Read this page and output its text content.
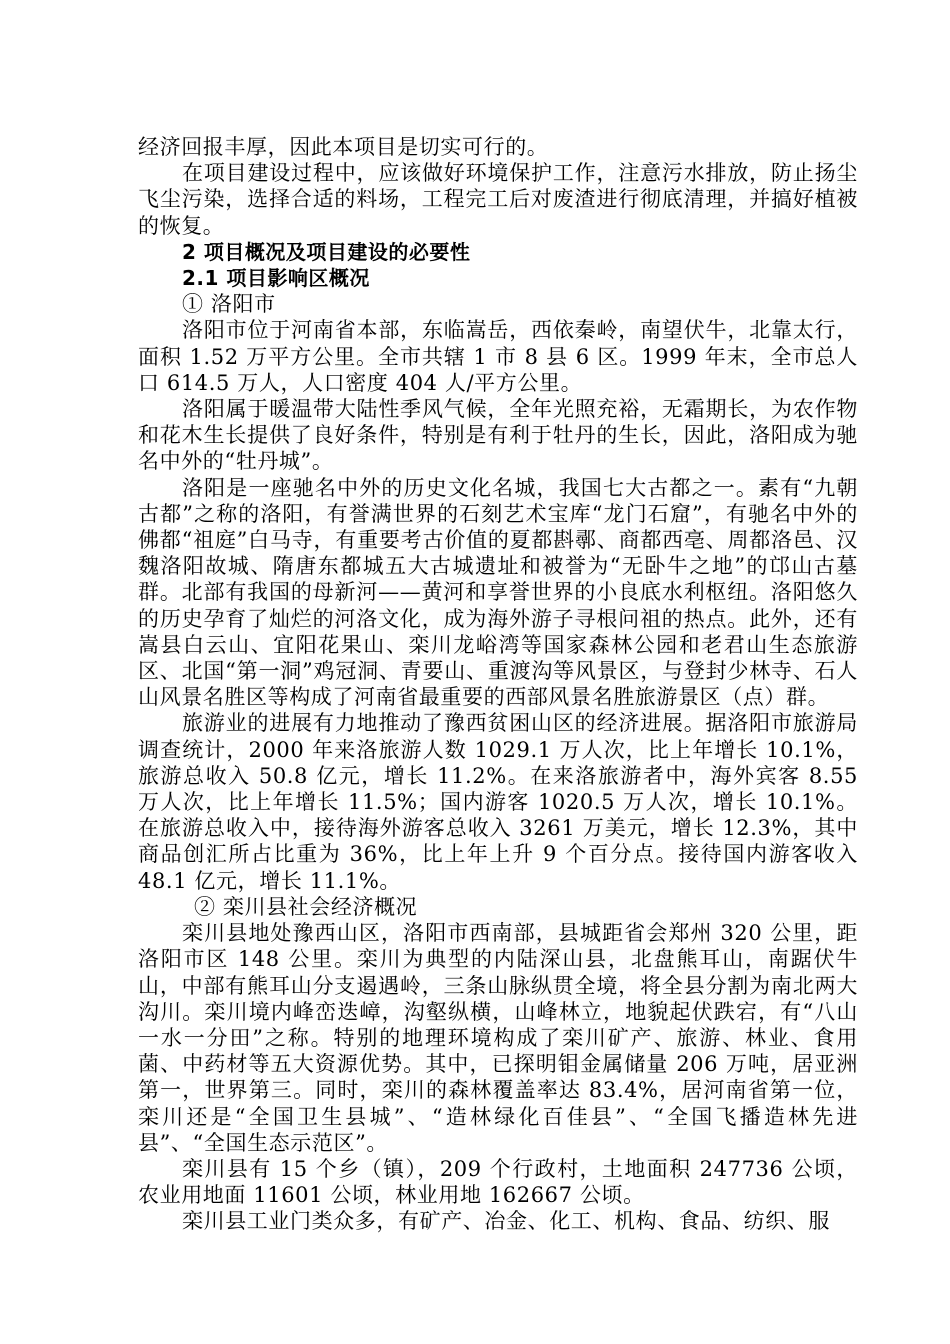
经济回报丰厚，因此本项目是切实可行的。

在项目建设过程中，应该做好环境保护工作，注意污水排放，防止扬尘飞尘污染，选择合适的料场，工程完工后对废渣进行彻底清理，并搞好植被的恢复。

2 项目概况及项目建设的必要性

2.1 项目影响区概况

① 洛阳市

洛阳市位于河南省本部，东临嵩岳，西依秦岭，南望伏牛，北靠太行，面积 1.52 万平方公里。全市共辖 1 市 8 县 6 区。1999 年末，全市总人口 614.5 万人，人口密度 404 人/平方公里。

洛阳属于暖温带大陆性季风气候，全年光照充裕，无霜期长，为农作物和花木生长提供了良好条件，特别是有利于牡丹的生长，因此，洛阳成为驰名中外的“牡丹城”。

洛阳是一座驰名中外的历史文化名城，我国七大古都之一。素有“九朝古都”之称的洛阳，有誉满世界的石刻艺术宝库“龙门石窟”，有驰名中外的佛都“祖庭”白马寺，有重要考古价值的夏都斟鄩、商都西亳、周都洛邑、汉魏洛阳故城、隋唐东都城五大古城遗址和被誉为“无卧牛之地”的邙山古墓群。北部有我国的母新河——黄河和享誉世界的小良底水利枢纽。洛阳悠久的历史孕育了灿烂的河洛文化，成为海外游子寻根问祖的热点。此外，还有嵩县白云山、宜阳花果山、栾川龙峪湾等国家森林公园和老君山生态旅游区、北国“第一洞”鸡冠洞、青要山、重渡沟等风景区，与登封少林寺、石人山风景名胜区等构成了河南省最重要的西部风景名胜旅游景区（点）群。

旅游业的进展有力地推动了豫西贫困山区的经济进展。据洛阳市旅游局调查统计，2000 年来洛旅游人数 1029.1 万人次，比上年增长 10.1%，旅游总收入 50.8 亿元，增长 11.2%。在来洛旅游者中，海外宾客 8.55 万人次，比上年增长 11.5%；国内游客 1020.5 万人次，增长 10.1%。在旅游总收入中，接待海外游客总收入 3261 万美元，增长 12.3%，其中商品创汇所占比重为 36%，比上年上升 9 个百分点。接待国内游客收入 48.1 亿元，增长 11.1%。

② 栾川县社会经济概况

栾川县地处豫西山区，洛阳市西南部，县城距省会郑州 320 公里，距洛阳市区 148 公里。栾川为典型的内陆深山县，北盘熊耳山，南踞伏牛山，中部有熊耳山分支遏遇岭，三条山脉纵贯全境，将全县分割为南北两大沟川。栾川境内峰峦迭嶂，沟壑纵横，山峰林立，地貌起伏跌宕，有“八山一水一分田”之称。特别的地理环境构成了栾川矿产、旅游、林业、食用菌、中药材等五大资源优势。其中，已探明钼金属储量 206 万吨，居亚洲第一，世界第三。同时，栾川的森林覆盖率达 83.4%，居河南省第一位，栾川还是“全国卫生县城”、“造林绿化百佳县”、“全国飞播造林先进县”、“全国生态示范区”。

栾川县有 15 个乡（镇），209 个行政村，土地面积 247736 公顷，农业用地面 11601 公顷，林业用地 162667 公顷。

栾川县工业门类众多，有矿产、冶金、化工、机构、食品、纺织、服
